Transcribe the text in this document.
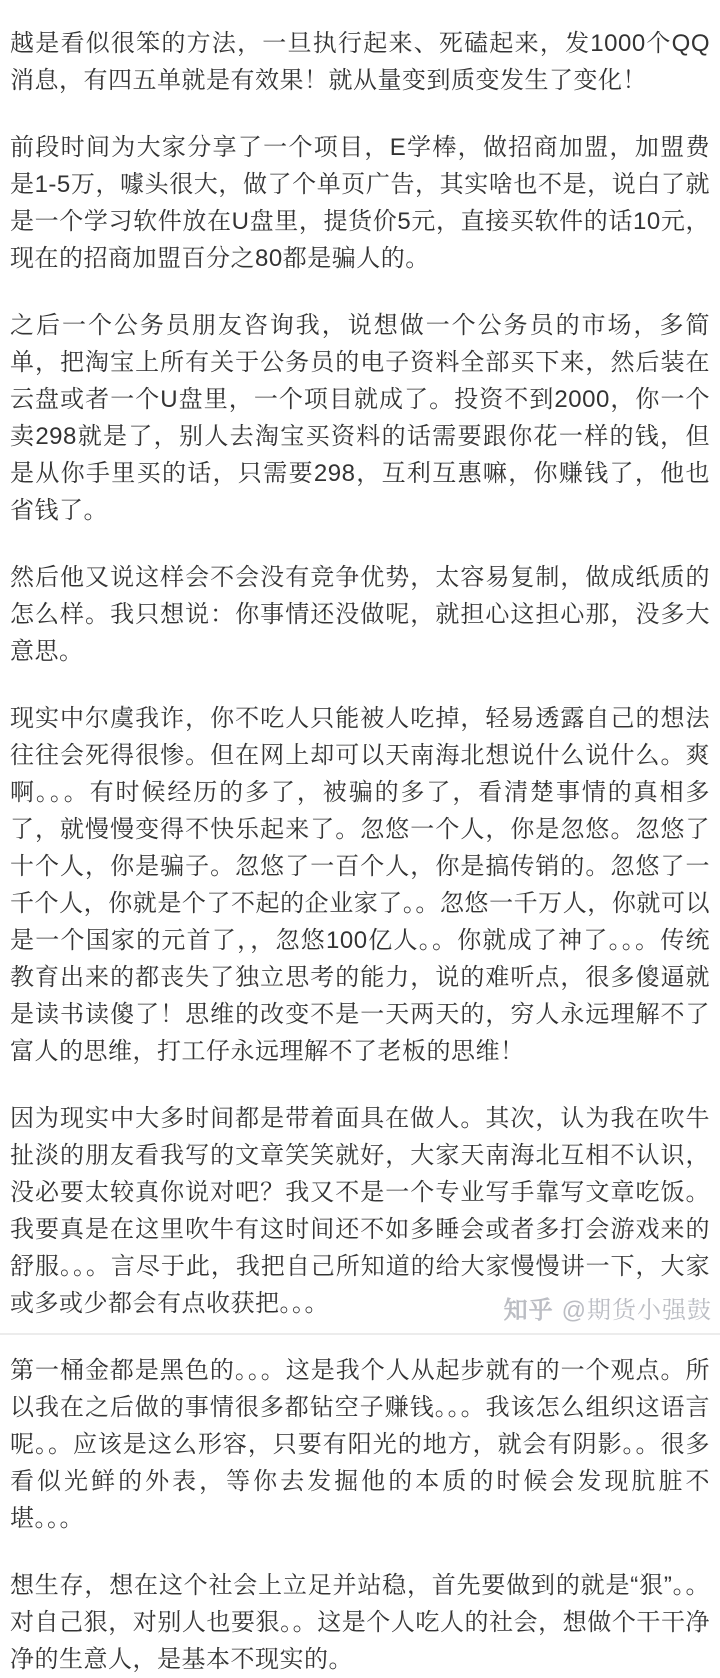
越是看似很笨的方法，一旦执行起来、死磕起来，发1000个QQ消息，有四五单就是有效果！就从量变到质变发生了变化！

前段时间为大家分享了一个项目，E学棒，做招商加盟，加盟费是1-5万，噱头很大，做了个单页广告，其实啥也不是，说白了就是一个学习软件放在U盘里，提货价5元，直接买软件的话10元，现在的招商加盟百分之80都是骗人的。

之后一个公务员朋友咨询我，说想做一个公务员的市场，多简单，把淘宝上所有关于公务员的电子资料全部买下来，然后装在云盘或者一个U盘里，一个项目就成了。投资不到2000，你一个卖298就是了，别人去淘宝买资料的话需要跟你花一样的钱，但是从你手里买的话，只需要298，互利互惠嘛，你赚钱了，他也省钱了。

然后他又说这样会不会没有竞争优势，太容易复制，做成纸质的怎么样。我只想说：你事情还没做呢，就担心这担心那，没多大意思。

现实中尔虞我诈，你不吃人只能被人吃掉，轻易透露自己的想法往往会死得很惨。但在网上却可以天南海北想说什么说什么。爽啊。。。有时候经历的多了，被骗的多了，看清楚事情的真相多了，就慢慢变得不快乐起来了。忽悠一个人，你是忽悠。忽悠了十个人，你是骗子。忽悠了一百个人，你是搞传销的。忽悠了一千个人，你就是个了不起的企业家了。。忽悠一千万人，你就可以是一个国家的元首了，，忽悠100亿人。。你就成了神了。。。传统教育出来的都丧失了独立思考的能力，说的难听点，很多傻逼就是读书读傻了！思维的改变不是一天两天的，穷人永远理解不了富人的思维，打工仔永远理解不了老板的思维！

因为现实中大多时间都是带着面具在做人。其次，认为我在吹牛扯淡的朋友看我写的文章笑笑就好，大家天南海北互相不认识，没必要太较真你说对吧？我又不是一个专业写手靠写文章吃饭。我要真是在这里吹牛有这时间还不如多睡会或者多打会游戏来的舒服。。。言尽于此，我把自己所知道的给大家慢慢讲一下，大家或多或少都会有点收获把。。。

第一桶金都是黑色的。。。这是我个人从起步就有的一个观点。所以我在之后做的事情很多都钻空子赚钱。。。我该怎么组织这语言呢。。应该是这么形容，只要有阳光的地方，就会有阴影。。很多看似光鲜的外表，等你去发掘他的本质的时候会发现肮脏不堪。。。

想生存，想在这个社会上立足并站稳，首先要做到的就是“狠”。。对自己狠，对别人也要狠。。这是个人吃人的社会，想做个干干净净的生意人，是基本不现实的。

知乎 @期货小强鼓
